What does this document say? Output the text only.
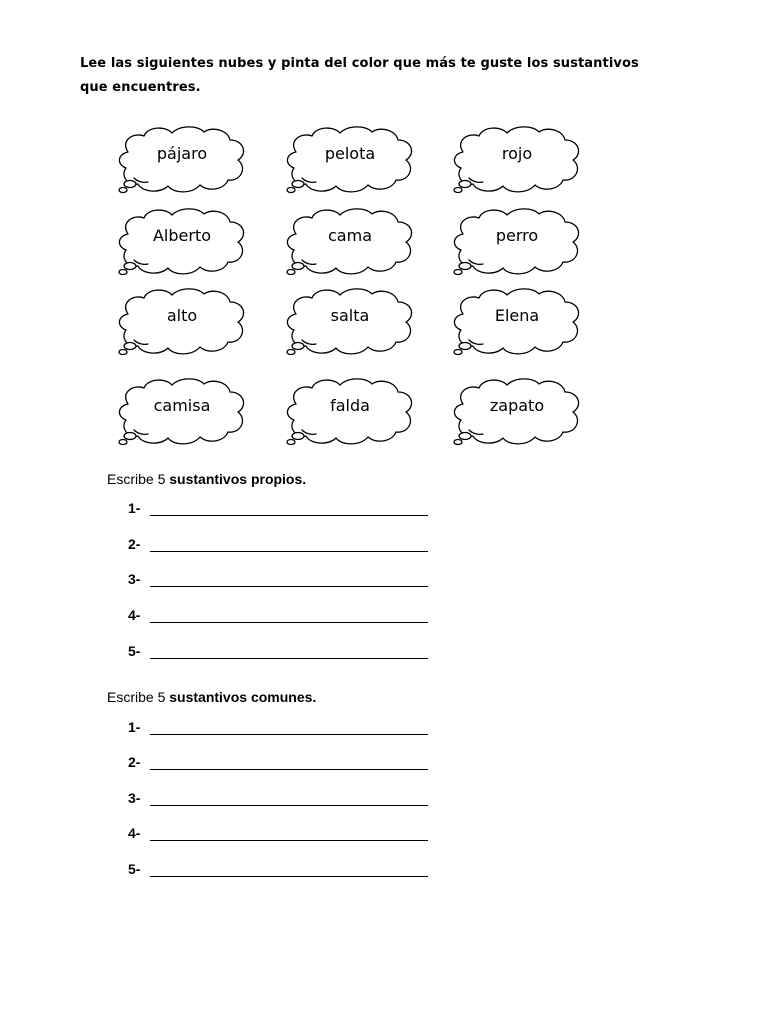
Lee las siguientes nubes y pinta del color que más te guste los sustantivos que encuentres.
pájaro	pelota	rojo
Alberto	cama	perro
alto	salta	Elena
camisa	falda	zapato
Escribe 5 sustantivos propios.
1-
2-
3-
4-
5-
Escribe 5 sustantivos comunes.
1-
2-
3-
4-
5-
